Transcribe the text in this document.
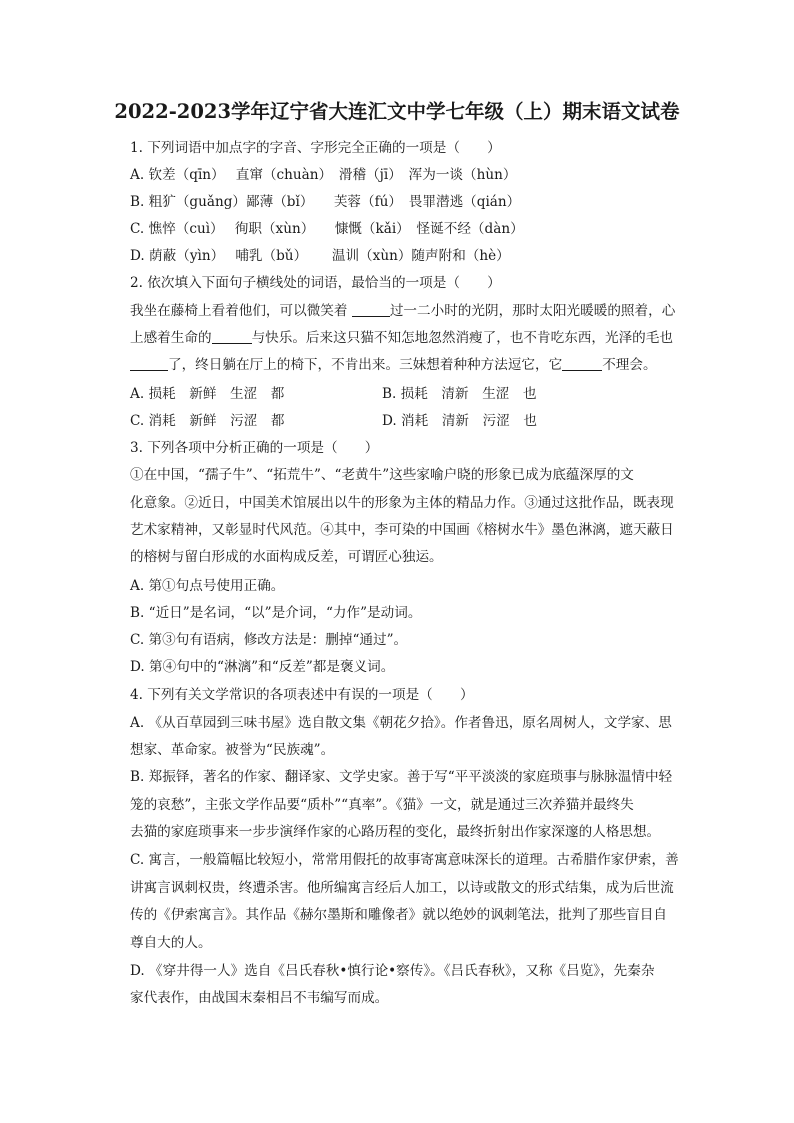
2022-2023学年辽宁省大连汇文中学七年级（上）期末语文试卷
1. 下列词语中加点字的字音、字形完全正确的一项是（　　）
A. 钦差（qīn）　 直窜（chuàn）　滑稽（jī）　浑为一谈（hùn）
B. 粗犷（guǎng）鄙薄（bǐ）　　芙蓉（fú）　畏罪潜逃（qián）
C. 憔悴（cuì）　 徇职（xùn）　　慷慨（kǎi）　怪诞不经（dàn）
D. 荫蔽（yìn）　 哺乳（bǔ）　　 温训（xùn）随声附和（hè）
2. 依次填入下面句子横线处的词语，最恰当的一项是（　　）
我坐在藤椅上看着他们，可以微笑着	过一二小时的光阴，那时太阳光暖暖的照着，心
上感着生命的	与快乐。后来这只猫不知怎地忽然消瘦了，也不肯吃东西，光泽的毛也
了，终日躺在厅上的椅下，不肯出来。三妹想着种种方法逗它，它	不理会。
A. 损耗　新鲜　生涩　都	B. 损耗　清新　生涩　也
C. 消耗　新鲜　污涩　都	D. 消耗　清新　污涩　也
3. 下列各项中分析正确的一项是（　　）
①在中国，“孺子牛”、“拓荒牛”、“老黄牛”这些家喻户晓的形象已成为底蕴深厚的文
化意象。②近日，中国美术馆展出以牛的形象为主体的精品力作。③通过这批作品，既表现
艺术家精神，又彰显时代风范。④其中，李可染的中国画《榕树水牛》墨色淋漓，遮天蔽日
的榕树与留白形成的水面构成反差，可谓匠心独运。
A. 第①句点号使用正确。
B. “近日”是名词，“以”是介词，“力作”是动词。
C. 第③句有语病，修改方法是：删掉“通过”。
D. 第④句中的“淋漓”和“反差”都是褒义词。
4. 下列有关文学常识的各项表述中有误的一项是（　　）
A. 《从百草园到三味书屋》选自散文集《朝花夕拾》。作者鲁迅，原名周树人，文学家、思
想家、革命家。被誉为“民族魂”。
B. 郑振铎，著名的作家、翻译家、文学史家。善于写“平平淡淡的家庭琐事与脉脉温情中轻
笼的哀愁”，主张文学作品要“质朴”“真率”。《猫》一文，就是通过三次养猫并最终失
去猫的家庭琐事来一步步演绎作家的心路历程的变化，最终折射出作家深邃的人格思想。
C. 寓言，一般篇幅比较短小，常常用假托的故事寄寓意味深长的道理。古希腊作家伊索，善
讲寓言讽刺权贵，终遭杀害。他所编寓言经后人加工，以诗或散文的形式结集，成为后世流
传的《伊索寓言》。其作品《赫尔墨斯和雕像者》就以绝妙的讽刺笔法，批判了那些盲目自
尊自大的人。
D. 《穿井得一人》选自《吕氏春秋•慎行论•察传》。《吕氏春秋》，又称《吕览》，先秦杂
家代表作，由战国末秦相吕不韦编写而成。
